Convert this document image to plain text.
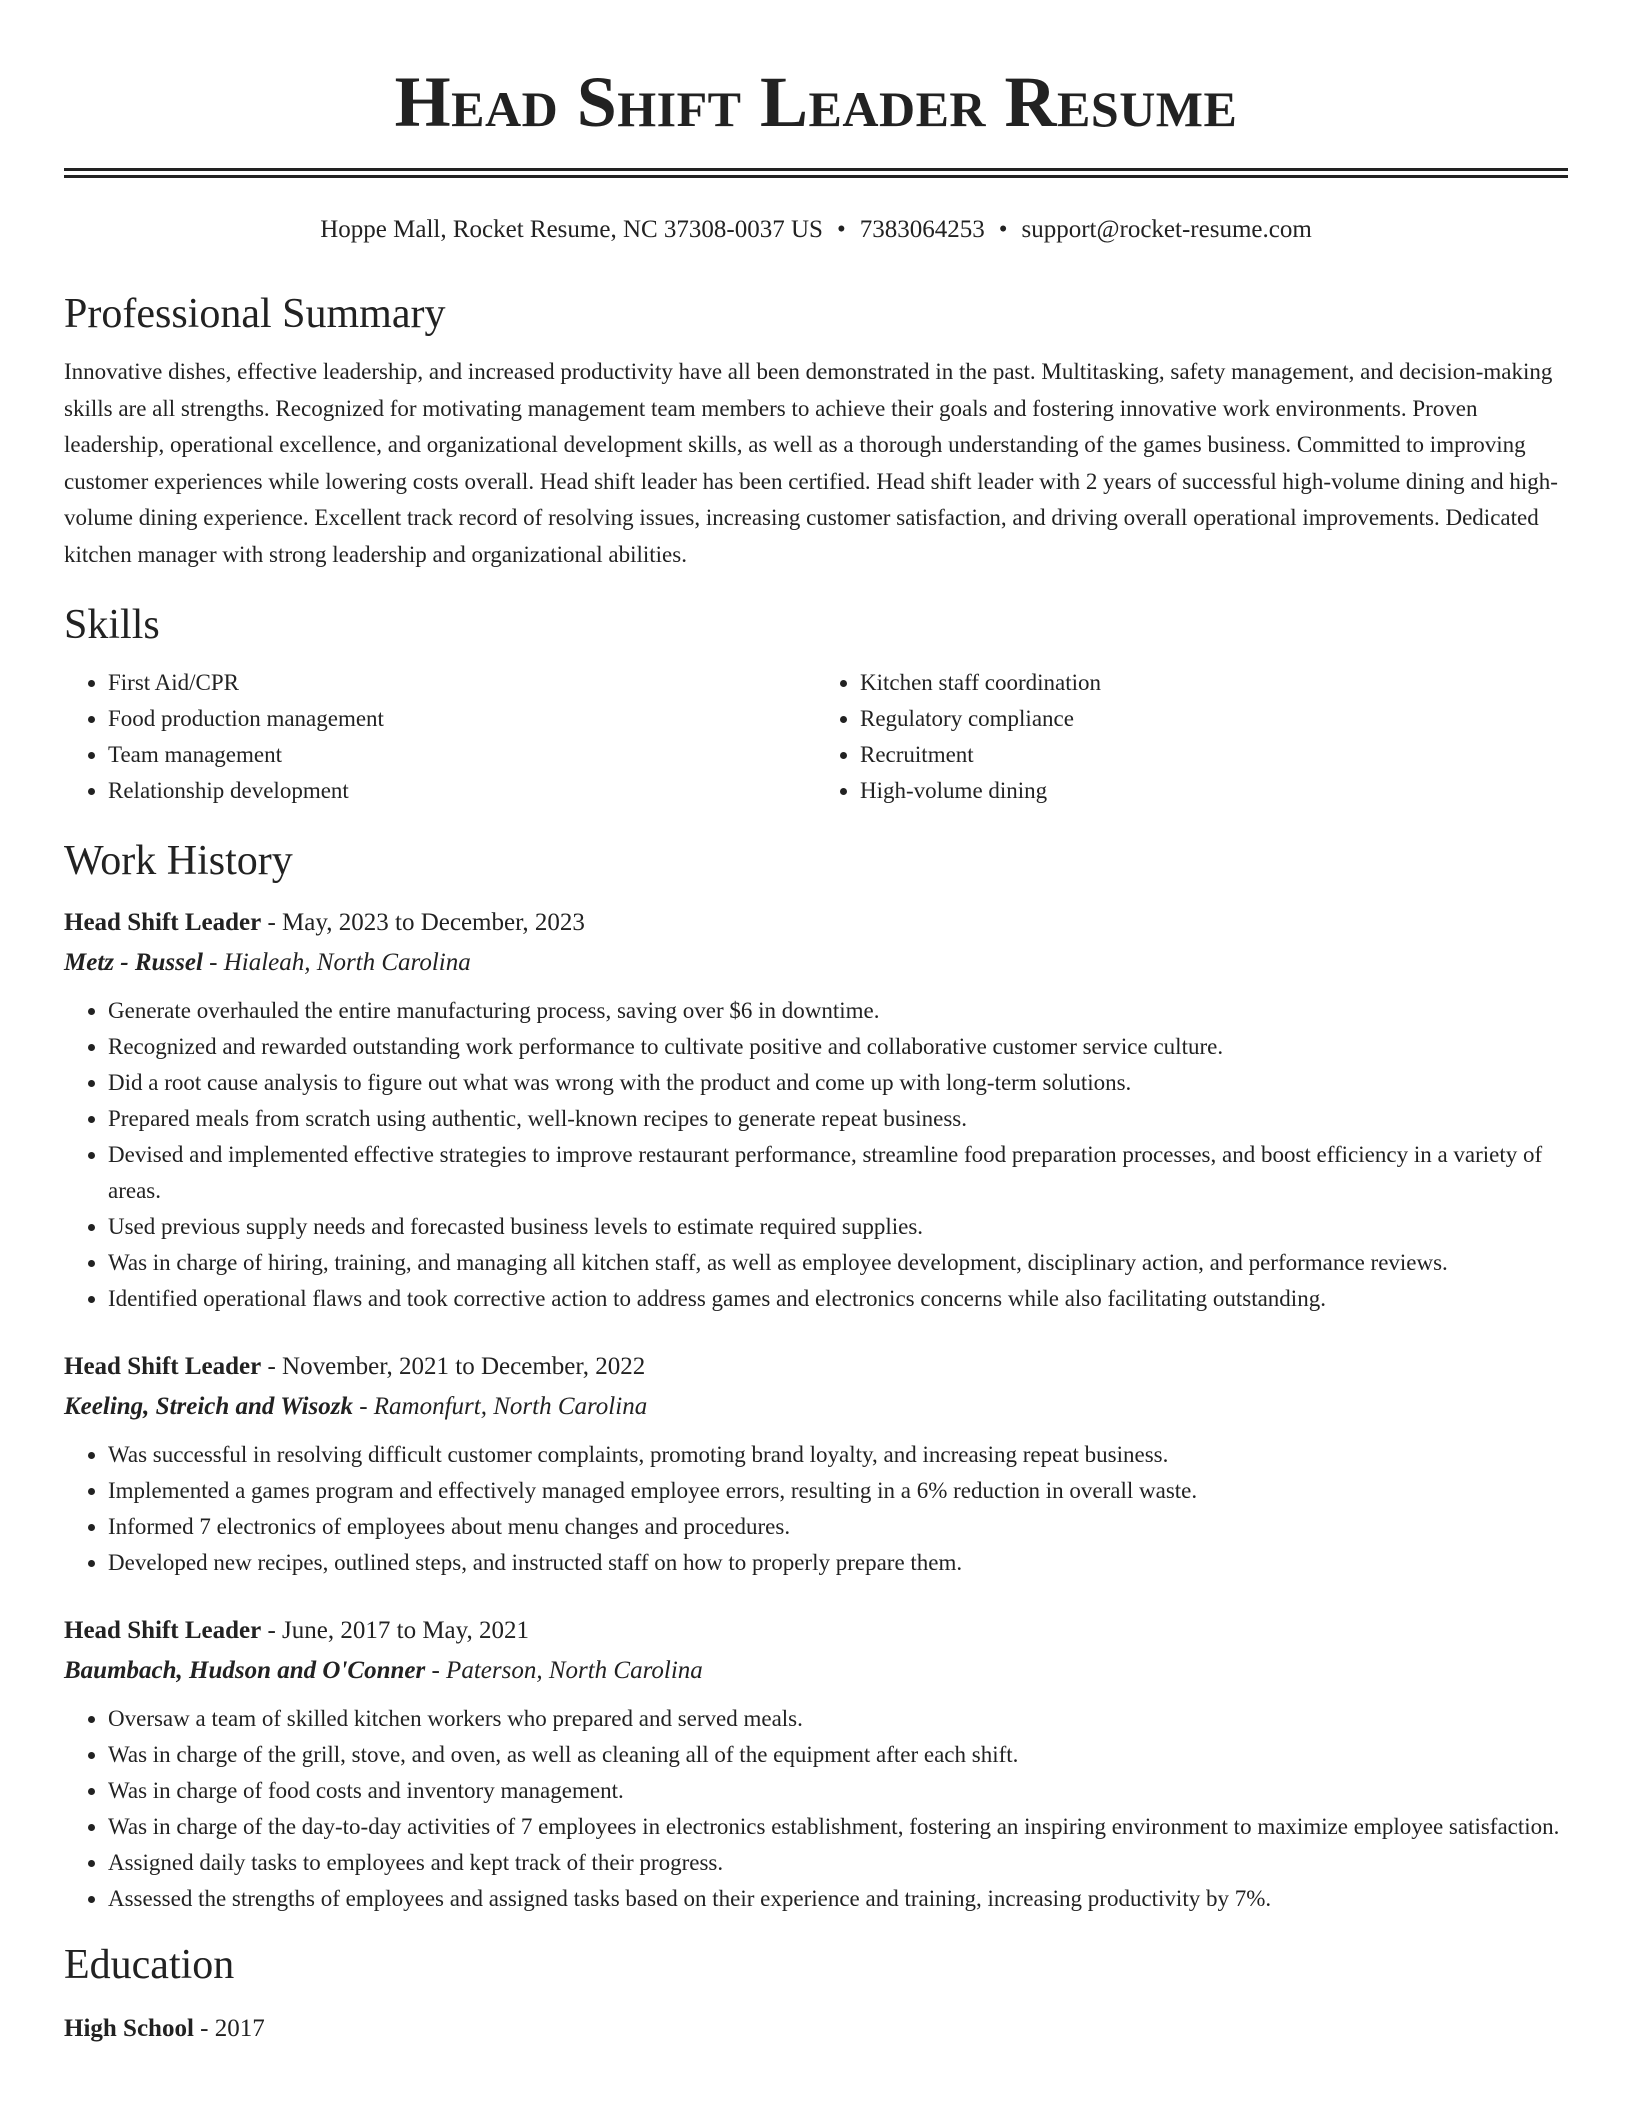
Head Shift Leader Resume
Hoppe Mall, Rocket Resume, NC 37308-0037 US • 7383064253 • support@rocket-resume.com
Professional Summary

Innovative dishes, effective leadership, and increased productivity have all been demonstrated in the past. Multitasking, safety management, and decision-making skills are all strengths. Recognized for motivating management team members to achieve their goals and fostering innovative work environments. Proven leadership, operational excellence, and organizational development skills, as well as a thorough understanding of the games business. Committed to improving customer experiences while lowering costs overall. Head shift leader has been certified. Head shift leader with 2 years of successful high-volume dining and high-volume dining experience. Excellent track record of resolving issues, increasing customer satisfaction, and driving overall operational improvements. Dedicated kitchen manager with strong leadership and organizational abilities.

Skills
• First Aid/CPR
• Food production management
• Team management
• Relationship development
• Kitchen staff coordination
• Regulatory compliance
• Recruitment
• High-volume dining
Work History
Head Shift Leader - May, 2023 to December, 2023
Metz - Russel - Hialeah, North Carolina
• Generate overhauled the entire manufacturing process, saving over $6 in downtime.
• Recognized and rewarded outstanding work performance to cultivate positive and collaborative customer service culture.
• Did a root cause analysis to figure out what was wrong with the product and come up with long-term solutions.
• Prepared meals from scratch using authentic, well-known recipes to generate repeat business.
• Devised and implemented effective strategies to improve restaurant performance, streamline food preparation processes, and boost efficiency in a variety of areas.
• Used previous supply needs and forecasted business levels to estimate required supplies.
• Was in charge of hiring, training, and managing all kitchen staff, as well as employee development, disciplinary action, and performance reviews.
• Identified operational flaws and took corrective action to address games and electronics concerns while also facilitating outstanding.
Head Shift Leader - November, 2021 to December, 2022
Keeling, Streich and Wisozk - Ramonfurt, North Carolina
• Was successful in resolving difficult customer complaints, promoting brand loyalty, and increasing repeat business.
• Implemented a games program and effectively managed employee errors, resulting in a 6% reduction in overall waste.
• Informed 7 electronics of employees about menu changes and procedures.
• Developed new recipes, outlined steps, and instructed staff on how to properly prepare them.
Head Shift Leader - June, 2017 to May, 2021
Baumbach, Hudson and O'Conner - Paterson, North Carolina
• Oversaw a team of skilled kitchen workers who prepared and served meals.
• Was in charge of the grill, stove, and oven, as well as cleaning all of the equipment after each shift.
• Was in charge of food costs and inventory management.
• Was in charge of the day-to-day activities of 7 employees in electronics establishment, fostering an inspiring environment to maximize employee satisfaction.
• Assigned daily tasks to employees and kept track of their progress.
• Assessed the strengths of employees and assigned tasks based on their experience and training, increasing productivity by 7%.
Education
High School - 2017
